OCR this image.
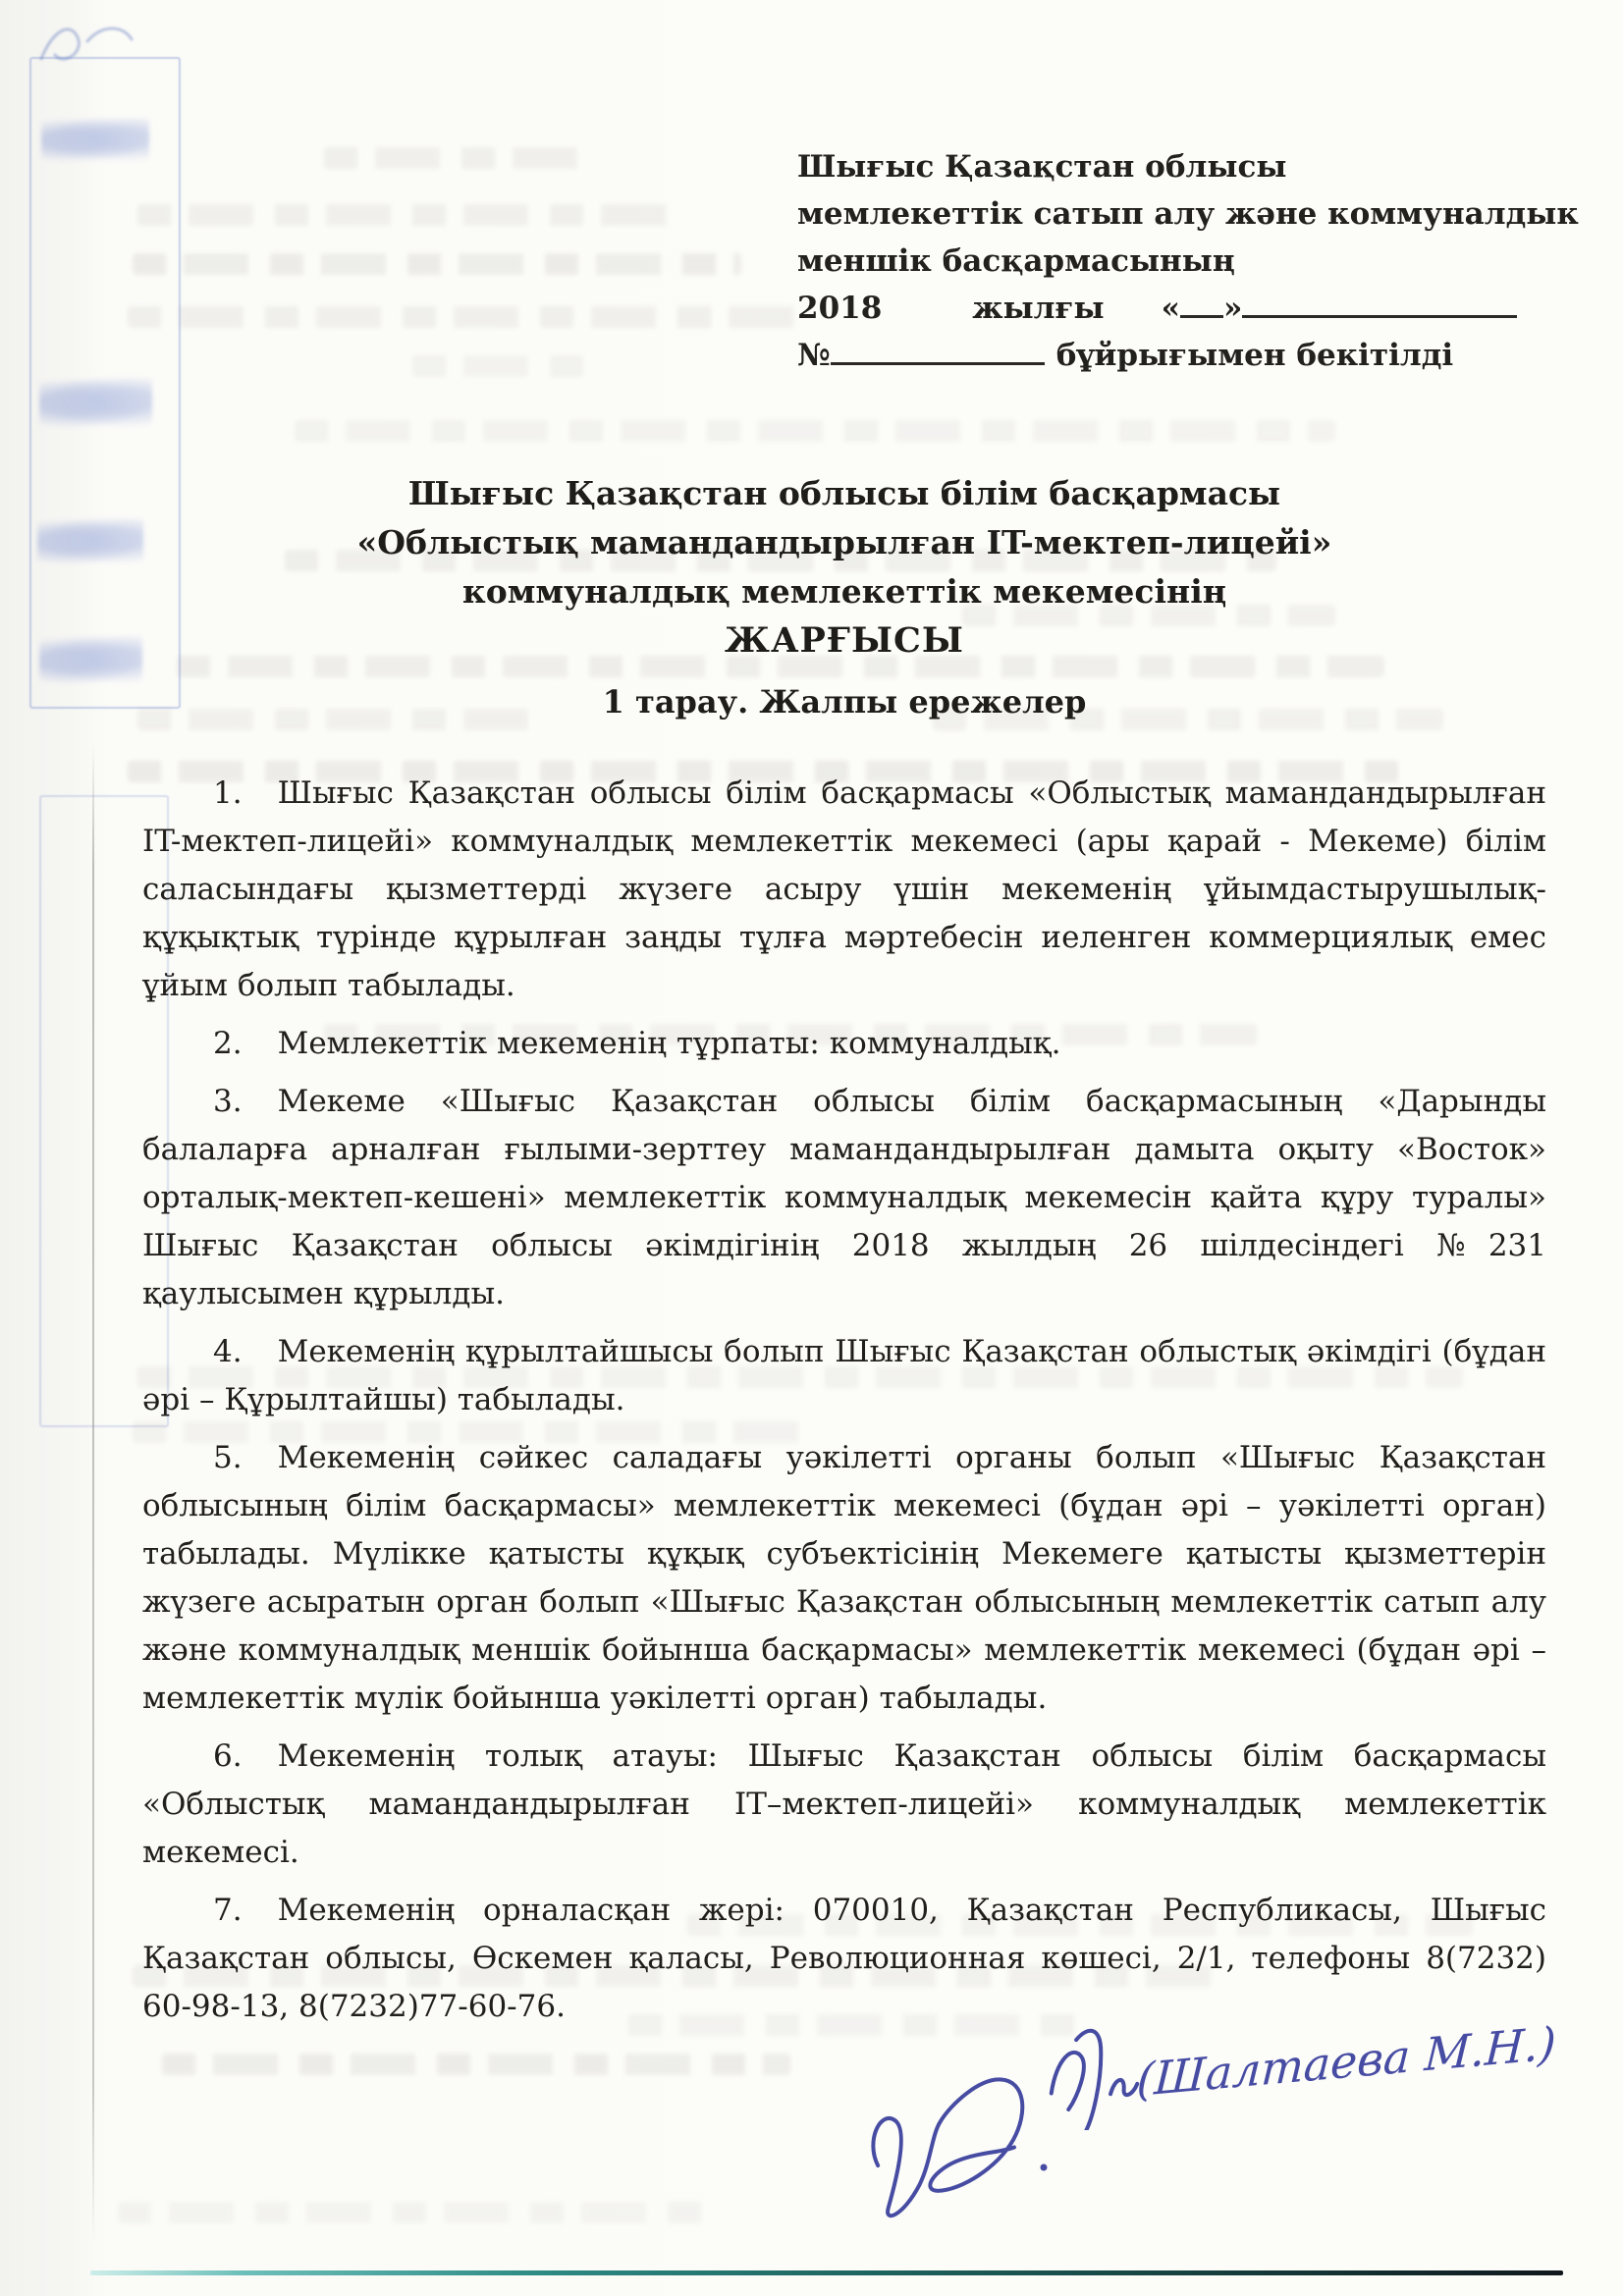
Шығыс Қазақстан облысы
мемлекеттік сатып алу және коммуналдык
меншік басқармасының
2018	жылғы « »
№	бұйрығымен бекітілді
Шығыс Қазақстан облысы білім басқармасы
«Облыстық мамандандырылған IT-мектеп-лицейі»
коммуналдық мемлекеттік мекемесінің
ЖАРҒЫСЫ
1 тарау. Жалпы ережелер

1. Шығыс Қазақстан облысы білім басқармасы «Облыстық мамандандырылған IT-мектеп-лицейі» коммуналдық мемлекеттік мекемесі (ары қарай - Мекеме) білім саласындағы қызметтерді жүзеге асыру үшін мекеменің ұйымдастырушылық-құқықтық түрінде құрылған заңды тұлға мәртебесін иеленген коммерциялық емес ұйым болып табылады.

2. Мемлекеттік мекеменің тұрпаты: коммуналдық.

3. Мекеме «Шығыс Қазақстан облысы білім басқармасының «Дарынды балаларға арналған ғылыми-зерттеу мамандандырылған дамыта оқыту «Восток» орталық-мектеп-кешені» мемлекеттік коммуналдық мекемесін қайта құру туралы» Шығыс Қазақстан облысы әкімдігінің 2018 жылдың 26 шілдесіндегі №231 қаулысымен құрылды.

4. Мекеменің құрылтайшысы болып Шығыс Қазақстан облыстық әкімдігі (бұдан әрі – Құрылтайшы) табылады.

5. Мекеменің сәйкес саладағы уәкілетті органы болып «Шығыс Қазақстан облысының білім басқармасы» мемлекеттік мекемесі (бұдан әрі – уәкілетті орган) табылады. Мүлікке қатысты құқық субъектісінің Мекемеге қатысты қызметтерін жүзеге асыратын орган болып «Шығыс Қазақстан облысының мемлекеттік сатып алу және коммуналдық меншік бойынша басқармасы» мемлекеттік мекемесі (бұдан әрі – мемлекеттік мүлік бойынша уәкілетті орган) табылады.

6. Мекеменің толық атауы: Шығыс Қазақстан облысы білім басқармасы «Облыстық мамандандырылған IT–мектеп-лицейі» коммуналдық мемлекеттік мекемесі.

7. Мекеменің орналасқан жері: 070010, Қазақстан Республикасы, Шығыс Қазақстан облысы, Өскемен қаласы, Революционная көшесі, 2/1, телефоны 8(7232) 60-98-13, 8(7232)77-60-76.

(Шалтаева М.Н.)
